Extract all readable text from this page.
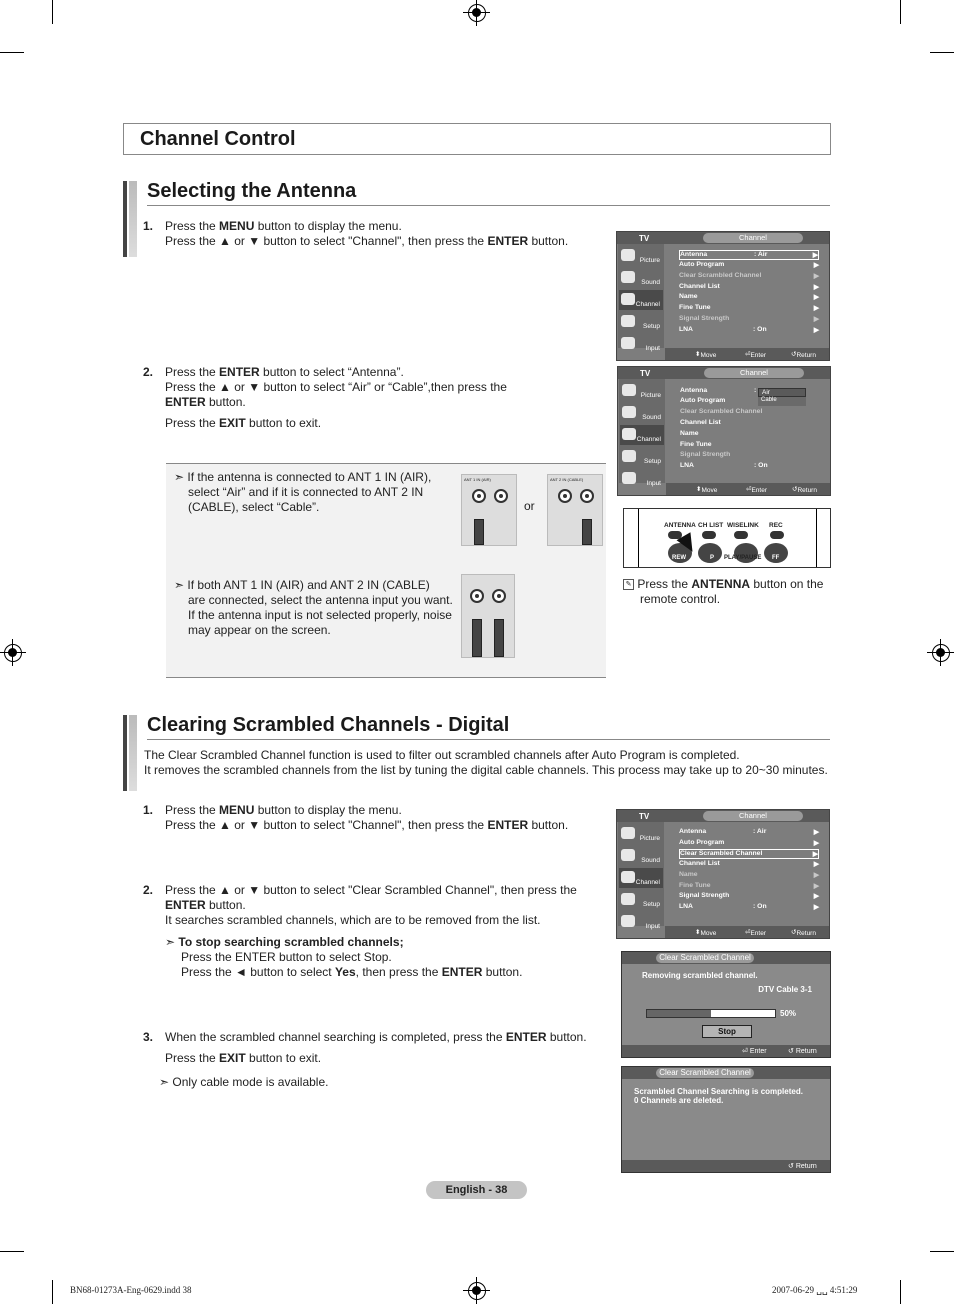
Channel Control
Selecting the Antenna
1. Press the MENU button to display the menu.
Press the ▲ or ▼ button to select "Channel", then press the ENTER button.
2. Press the ENTER button to select “Antenna”.
Press the ▲ or ▼ button to select “Air” or “Cable”,then press the
ENTER button.
Press the EXIT button to exit.
➣ If the antenna is connected to ANT 1 IN (AIR),
select “Air” and if it is connected to ANT 2 IN
(CABLE), select “Cable”.	or
ANT 1 IN (AIR)	ANT 2 IN (CABLE)
➣ If both ANT 1 IN (AIR) and ANT 2 IN (CABLE)
are connected, select the antenna input you want.
If the antenna input is not selected properly, noise
may appear on the screen.
TV	Channel
Picture
Sound
Channel
Setup
Input
Antenna	: Air	▶
Auto Program	▶
Clear Scrambled Channel	▶
Channel List	▶
Name	▶
Fine Tune	▶
Signal Strength	▶
LNA	: On	▶
⬍ Move	⏎ Enter	↺ Return
TV	Channel
Picture
Sound
Channel
Setup
Input
Antenna	: Air
Cable
Auto Program
Clear Scrambled Channel
Channel List
Name
Fine Tune
Signal Strength
LNA	: On
⬍ Move	⏎ Enter	↺ Return
ANTENNA CH LIST WISELINK REC
REW	P PLAY/PAUSE FF
✎ Press the ANTENNA button on the
remote control.
Clearing Scrambled Channels - Digital
The Clear Scrambled Channel function is used to filter out scrambled channels after Auto Program is completed.
It removes the scrambled channels from the list by tuning the digital cable channels. This process may take up to 20~30 minutes.
1. Press the MENU button to display the menu.
Press the ▲ or ▼ button to select "Channel", then press the ENTER button.
2. Press the ▲ or ▼ button to select "Clear Scrambled Channel", then press the
ENTER button.
It searches scrambled channels, which are to be removed from the list.
➣ To stop searching scrambled channels;
Press the ENTER button to select Stop.
Press the ◄ button to select Yes, then press the ENTER button.
3. When the scrambled channel searching is completed, press the ENTER button.
Press the EXIT button to exit.
➣ Only cable mode is available.
TV	Channel
Picture
Sound
Channel
Setup
Input
Antenna	: Air	▶
Auto Program	▶
Clear Scrambled Channel	▶
Channel List	▶
Name	▶
Fine Tune	▶
Signal Strength	▶
LNA	: On	▶
⬍ Move	⏎ Enter	↺ Return
Clear Scrambled Channel
Removing scrambled channel.
DTV Cable 3-1
50%
Stop
⏎ Enter	↺ Return
Clear Scrambled Channel
Scrambled Channel Searching is completed.
0 Channels are deleted.
↺ Return
English - 38
BN68-01273A-Eng-0629.indd 38	2007-06-29 ␣␣ 4:51:29
